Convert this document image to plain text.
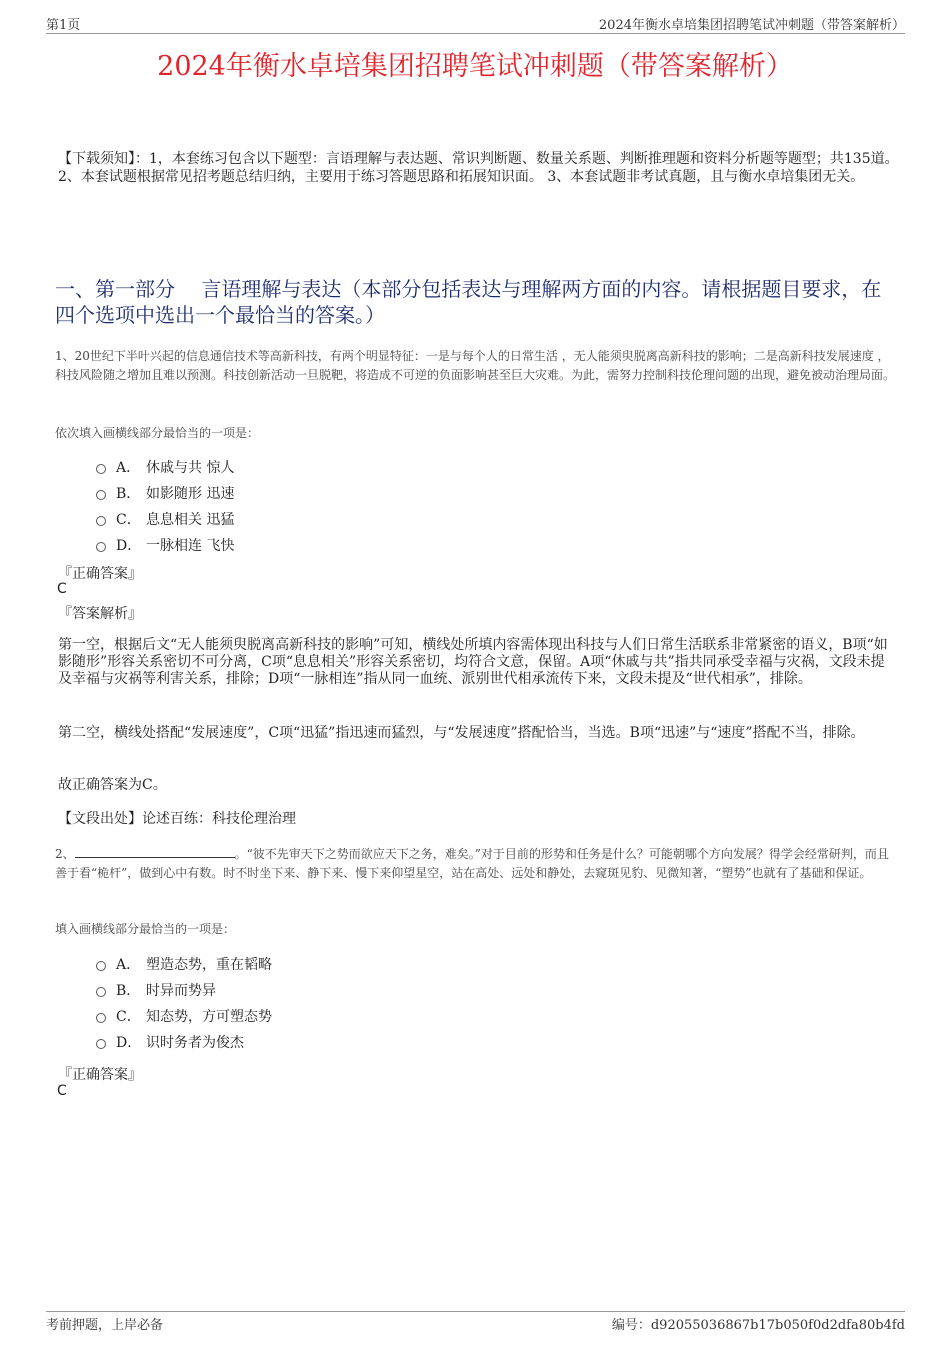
第1页	2024年衡水卓培集团招聘笔试冲刺题（带答案解析）
2024年衡水卓培集团招聘笔试冲刺题（带答案解析）
【下载须知】：1，本套练习包含以下题型：言语理解与表达题、常识判断题、数量关系题、判断推理题和资料分析题等题型；共135道。 2、本套试题根据常见招考题总结归纳，主要用于练习答题思路和拓展知识面。 3、本套试题非考试真题，且与衡水卓培集团无关。
一、第一部分　 言语理解与表达（本部分包括表达与理解两方面的内容。请根据题目要求，在四个选项中选出一个最恰当的答案。）
1、20世纪下半叶兴起的信息通信技术等高新科技，有两个明显特征：一是与每个人的日常生活 ，无人能须臾脱离高新科技的影响；二是高新科技发展速度 ，科技风险随之增加且难以预测。科技创新活动一旦脱靶，将造成不可逆的负面影响甚至巨大灾难。为此，需努力控制科技伦理问题的出现，避免被动治理局面。
依次填入画横线部分最恰当的一项是：
A． 休戚与共 惊人
B． 如影随形 迅速
C． 息息相关 迅猛
D． 一脉相连 飞快
『正确答案』
C
『答案解析』
第一空，根据后文“无人能须臾脱离高新科技的影响”可知，横线处所填内容需体现出科技与人们日常生活联系非常紧密的语义，B项“如影随形”形容关系密切不可分离，C项“息息相关”形容关系密切，均符合文意，保留。A项“休戚与共”指共同承受幸福与灾祸，文段未提及幸福与灾祸等利害关系，排除；D项“一脉相连”指从同一血统、派别世代相承流传下来，文段未提及“世代相承”，排除。
第二空，横线处搭配“发展速度”，C项“迅猛”指迅速而猛烈，与“发展速度”搭配恰当，当选。B项“迅速”与“速度”搭配不当，排除。
故正确答案为C。
【文段出处】论述百练：科技伦理治理
2、	。“彼不先审天下之势而欲应天下之务，难矣。”对于目前的形势和任务是什么？可能朝哪个方向发展？得学会经常研判，而且善于看“桅杆”，做到心中有数。时不时坐下来、静下来、慢下来仰望星空，站在高处、远处和静处，去窥斑见豹、见微知著，“塑势”也就有了基础和保证。
填入画横线部分最恰当的一项是：
A． 塑造态势，重在韬略
B． 时异而势异
C． 知态势，方可塑态势
D． 识时务者为俊杰
『正确答案』
C
考前押题，上岸必备	编号：d92055036867b17b050f0d2dfa80b4fd
